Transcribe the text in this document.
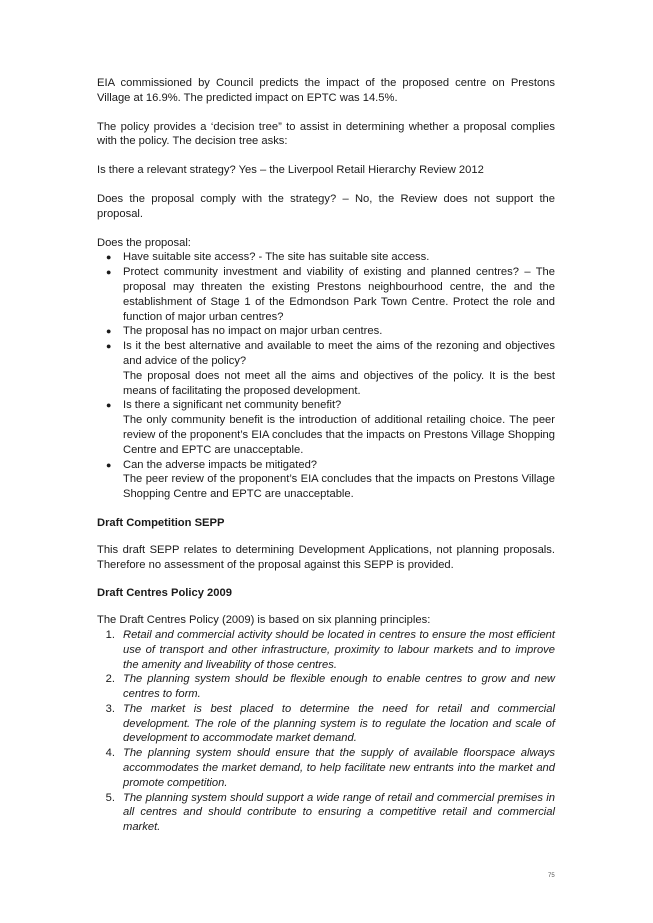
EIA commissioned by Council predicts the impact of the proposed centre on Prestons Village at 16.9%. The predicted impact on EPTC was 14.5%.

The policy provides a ‘decision tree” to assist in determining whether a proposal complies with the policy. The decision tree asks:

Is there a relevant strategy? Yes – the Liverpool Retail Hierarchy Review 2012

Does the proposal comply with the strategy? – No, the Review does not support the proposal.

Does the proposal:

● Have suitable site access? - The site has suitable site access.
● Protect community investment and viability of existing and planned centres? – The proposal may threaten the existing Prestons neighbourhood centre, the and the establishment of Stage 1 of the Edmondson Park Town Centre. Protect the role and function of major urban centres?
● The proposal has no impact on major urban centres.
● Is it the best alternative and available to meet the aims of the rezoning and objectives and advice of the policy?
The proposal does not meet all the aims and objectives of the policy. It is the best means of facilitating the proposed development.
● Is there a significant net community benefit?
The only community benefit is the introduction of additional retailing choice. The peer review of the proponent’s EIA concludes that the impacts on Prestons Village Shopping Centre and EPTC are unacceptable.
● Can the adverse impacts be mitigated?
The peer review of the proponent’s EIA concludes that the impacts on Prestons Village Shopping Centre and EPTC are unacceptable.

Draft Competition SEPP

This draft SEPP relates to determining Development Applications, not planning proposals. Therefore no assessment of the proposal against this SEPP is provided.

Draft Centres Policy 2009

The Draft Centres Policy (2009) is based on six planning principles:

1. Retail and commercial activity should be located in centres to ensure the most efficient use of transport and other infrastructure, proximity to labour markets and to improve the amenity and liveability of those centres.
2. The planning system should be flexible enough to enable centres to grow and new centres to form.
3. The market is best placed to determine the need for retail and commercial development. The role of the planning system is to regulate the location and scale of development to accommodate market demand.
4. The planning system should ensure that the supply of available floorspace always accommodates the market demand, to help facilitate new entrants into the market and promote competition.
5. The planning system should support a wide range of retail and commercial premises in all centres and should contribute to ensuring a competitive retail and commercial market.
75
